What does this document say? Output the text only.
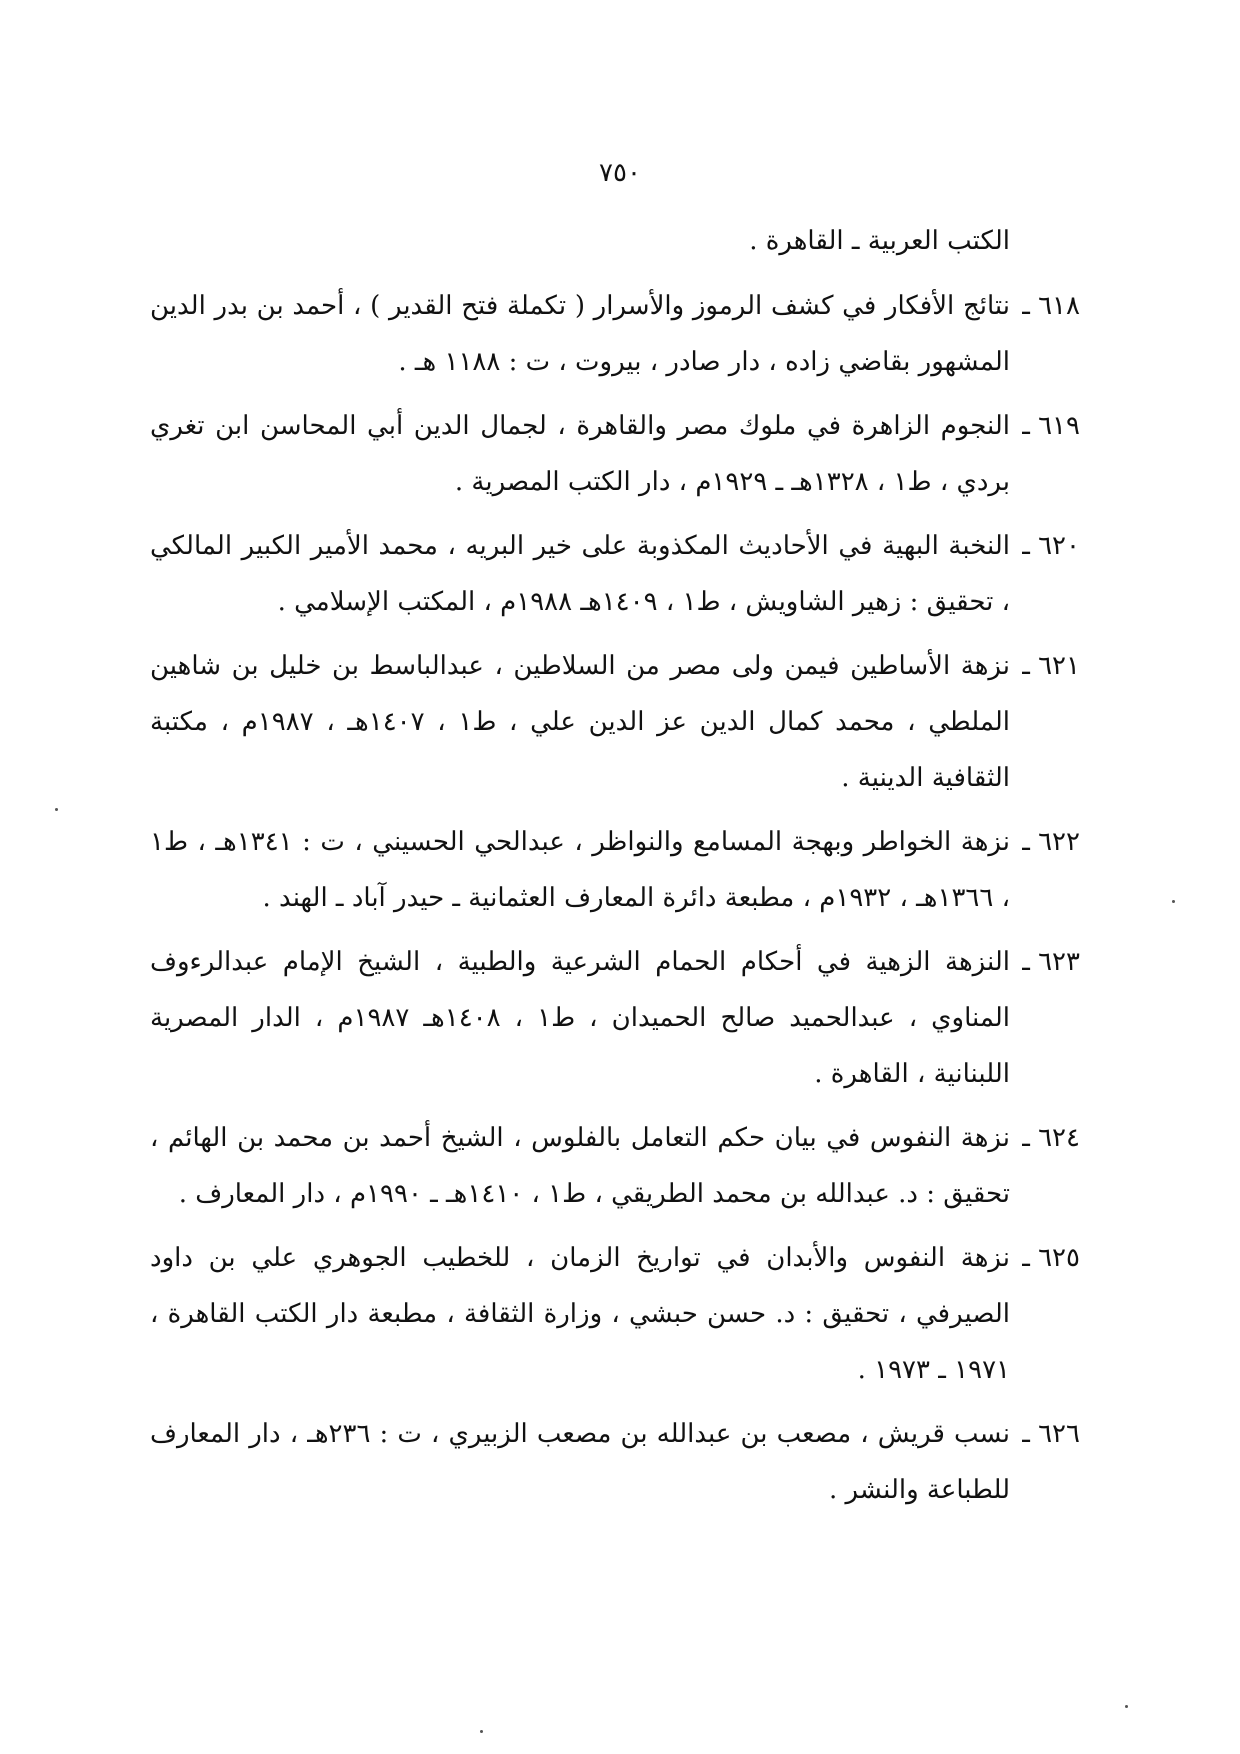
٧٥٠
الكتب العربية ـ القاهرة .
٦١٨ ـ
نتائج الأفكار في كشف الرموز والأسرار ( تكملة فتح القدير ) ، أحمد بن بدر الدين المشهور بقاضي زاده ، دار صادر ، بيروت ، ت : ١١٨٨ هـ .
٦١٩ ـ
النجوم الزاهرة في ملوك مصر والقاهرة ، لجمال الدين أبي المحاسن ابن تغري بردي ، ط١ ، ١٣٢٨هـ ـ ١٩٢٩م ، دار الكتب المصرية .
٦٢٠ ـ
النخبة البهية في الأحاديث المكذوبة على خير البريه ، محمد الأمير الكبير المالكي ، تحقيق : زهير الشاويش ، ط١ ، ١٤٠٩هـ ١٩٨٨م ، المكتب الإسلامي .
٦٢١ ـ
نزهة الأساطين فيمن ولى مصر من السلاطين ، عبدالباسط بن خليل بن شاهين الملطي ، محمد كمال الدين عز الدين علي ، ط١ ، ١٤٠٧هـ ، ١٩٨٧م ، مكتبة الثقافية الدينية .
٦٢٢ ـ
نزهة الخواطر وبهجة المسامع والنواظر ، عبدالحي الحسيني ، ت : ١٣٤١هـ ، ط١ ، ١٣٦٦هـ ، ١٩٣٢م ، مطبعة دائرة المعارف العثمانية ـ حيدر آباد ـ الهند .
٦٢٣ ـ
النزهة الزهية في أحكام الحمام الشرعية والطبية ، الشيخ الإمام عبدالرءوف المناوي ، عبدالحميد صالح الحميدان ، ط١ ، ١٤٠٨هـ ١٩٨٧م ، الدار المصرية اللبنانية ، القاهرة .
٦٢٤ ـ
نزهة النفوس في بيان حكم التعامل بالفلوس ، الشيخ أحمد بن محمد بن الهائم ، تحقيق : د. عبدالله بن محمد الطريقي ، ط١ ، ١٤١٠هـ ـ ١٩٩٠م ، دار المعارف .
٦٢٥ ـ
نزهة النفوس والأبدان في تواريخ الزمان ، للخطيب الجوهري علي بن داود الصيرفي ، تحقيق : د. حسن حبشي ، وزارة الثقافة ، مطبعة دار الكتب القاهرة ، ١٩٧١ ـ ١٩٧٣ .
٦٢٦ ـ
نسب قريش ، مصعب بن عبدالله بن مصعب الزبيري ، ت : ٢٣٦هـ ، دار المعارف للطباعة والنشر .
